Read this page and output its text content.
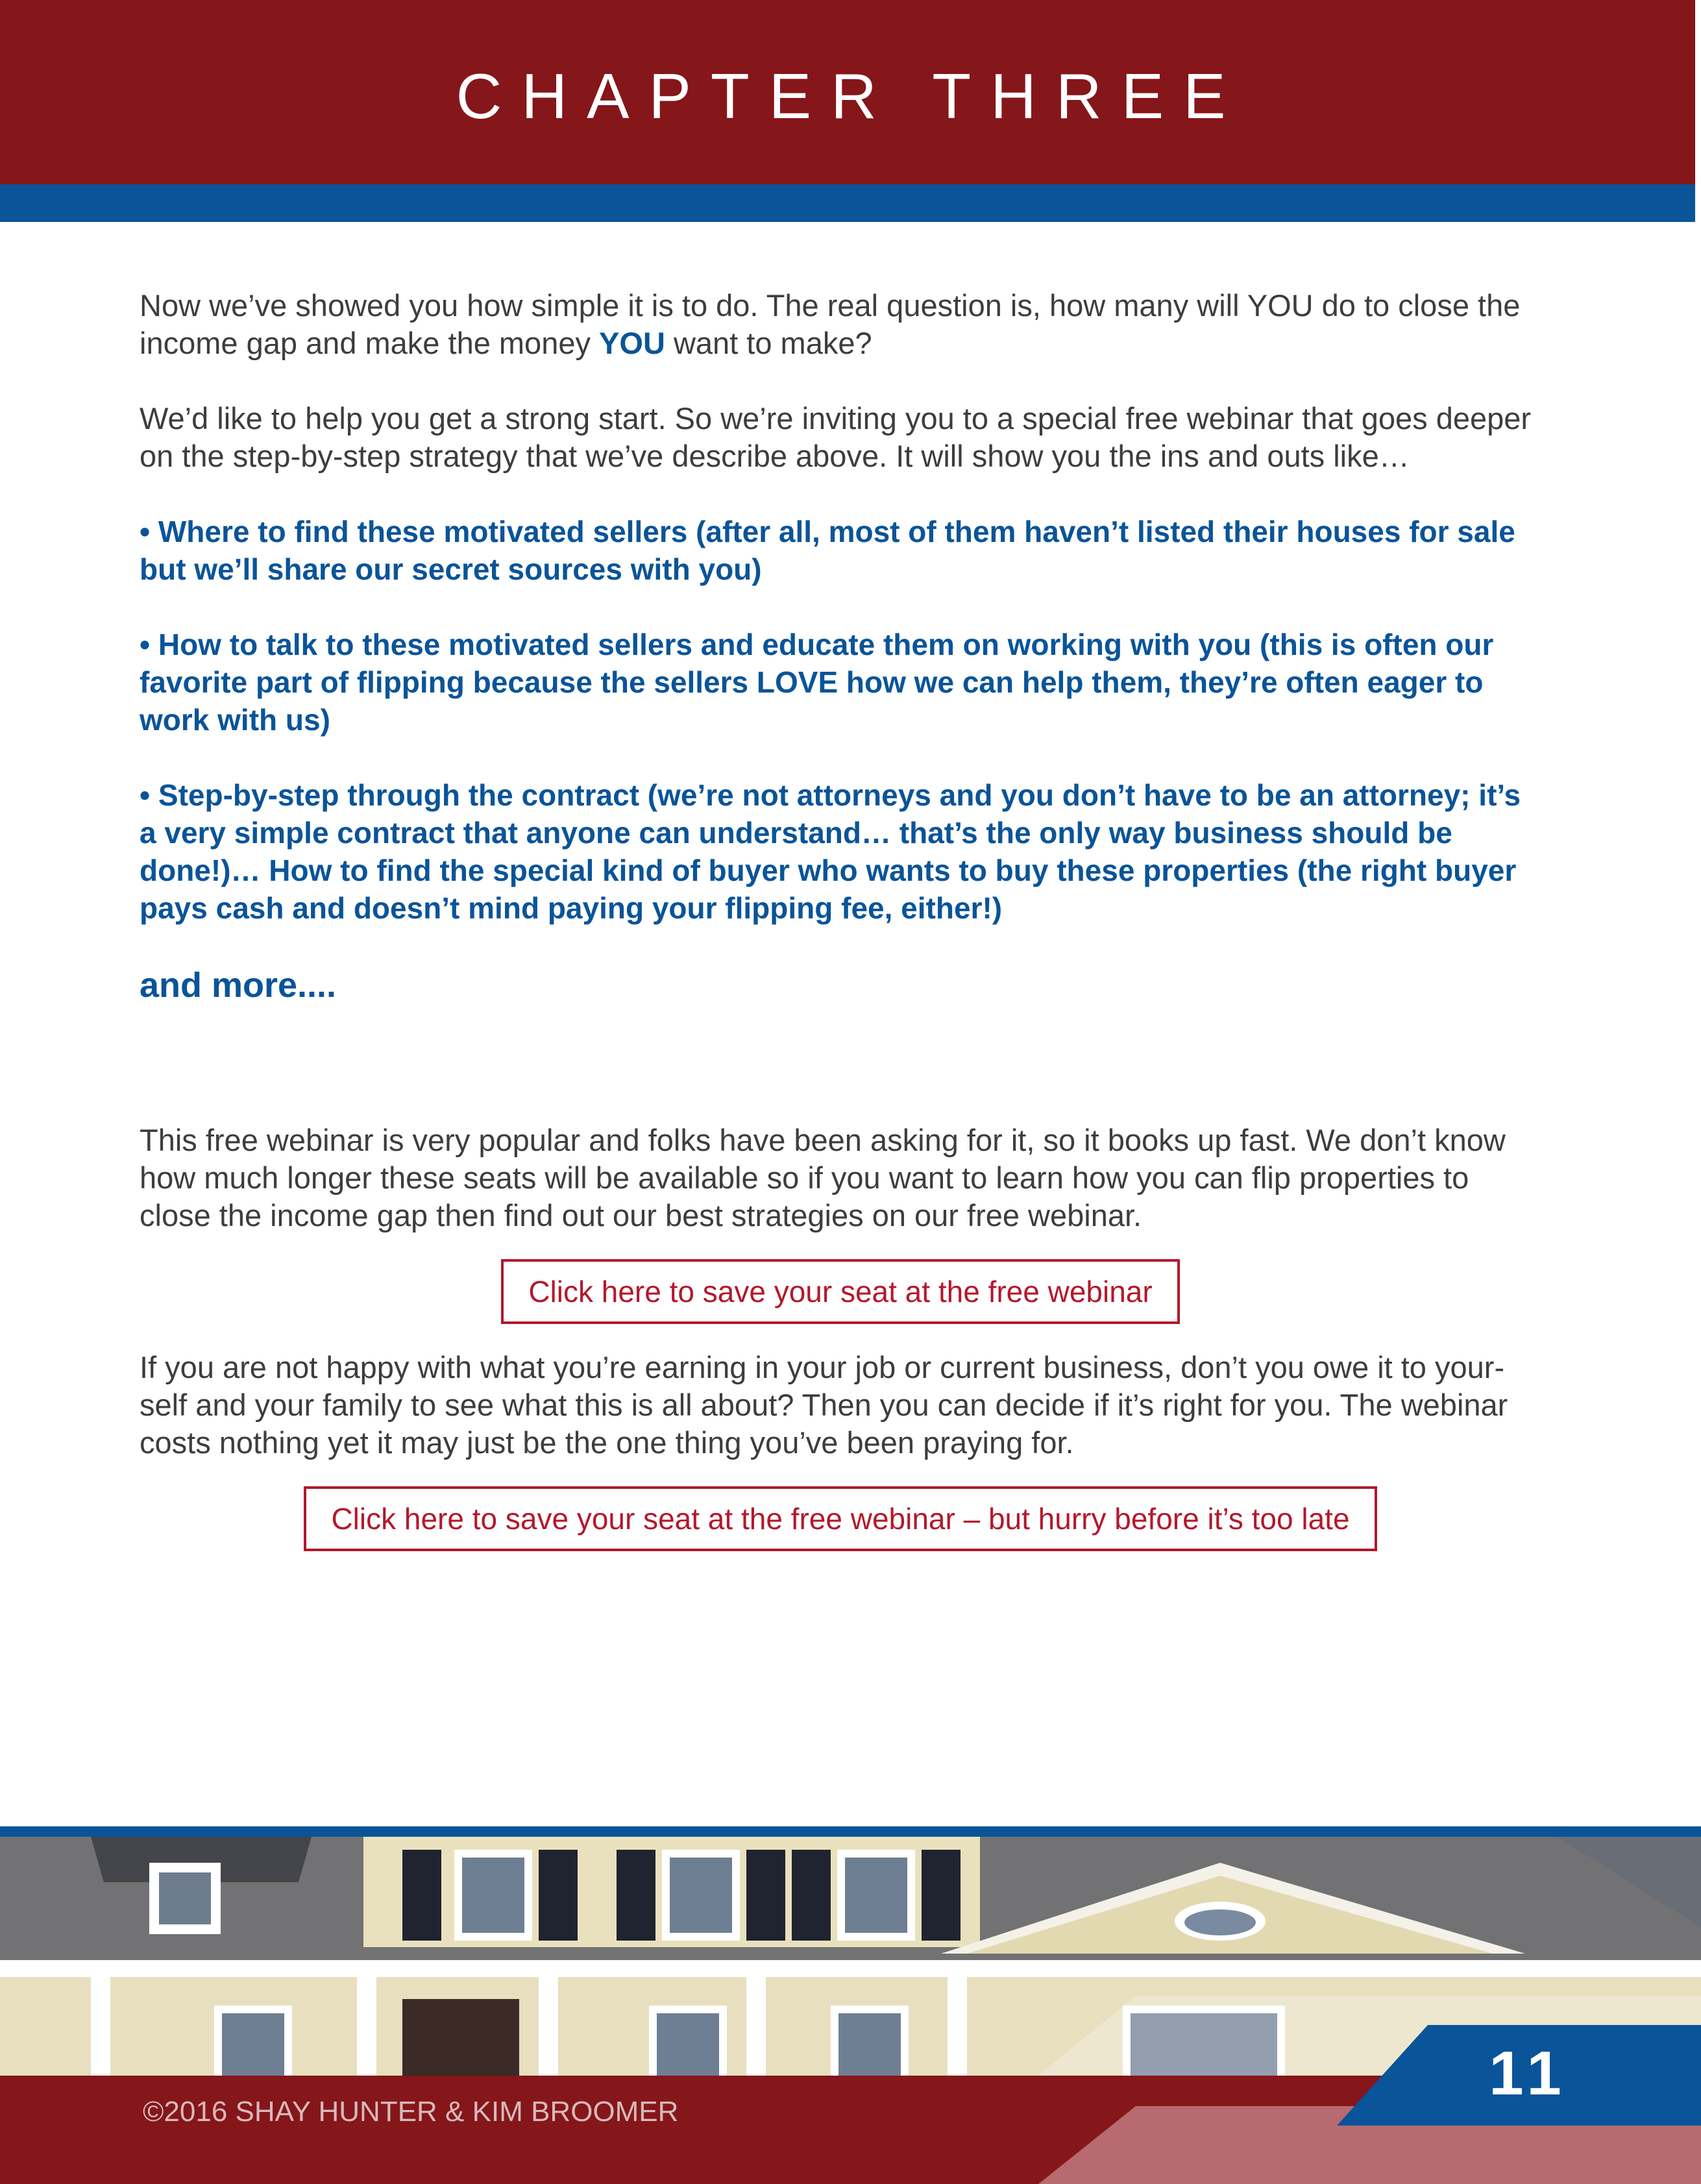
CHAPTER THREE

Now we’ve showed you how simple it is to do. The real question is, how many will YOU do to close the income gap and make the money YOU want to make?

We’d like to help you get a strong start. So we’re inviting you to a special free webinar that goes deeper on the step-by-step strategy that we’ve describe above. It will show you the ins and outs like…

• Where to find these motivated sellers (after all, most of them haven’t listed their houses for sale but we’ll share our secret sources with you)

• How to talk to these motivated sellers and educate them on working with you (this is often our favorite part of flipping because the sellers LOVE how we can help them, they’re often eager to work with us)

• Step-by-step through the contract (we’re not attorneys and you don’t have to be an attorney; it’s a very simple contract that anyone can understand… that’s the only way business should be done!)… How to find the special kind of buyer who wants to buy these properties (the right buyer pays cash and doesn’t mind paying your flipping fee, either!)

and more....

This free webinar is very popular and folks have been asking for it, so it books up fast. We don’t know how much longer these seats will be available so if you want to learn how you can flip properties to close the income gap then find out our best strategies on our free webinar.

Click here to save your seat at the free webinar

If you are not happy with what you’re earning in your job or current business, don’t you owe it to your-self and your family to see what this is all about? Then you can decide if it’s right for you. The webinar costs nothing yet it may just be the one thing you’ve been praying for.

Click here to save your seat at the free webinar – but hurry before it’s too late
©2016 SHAY HUNTER & KIM BROOMER
11
